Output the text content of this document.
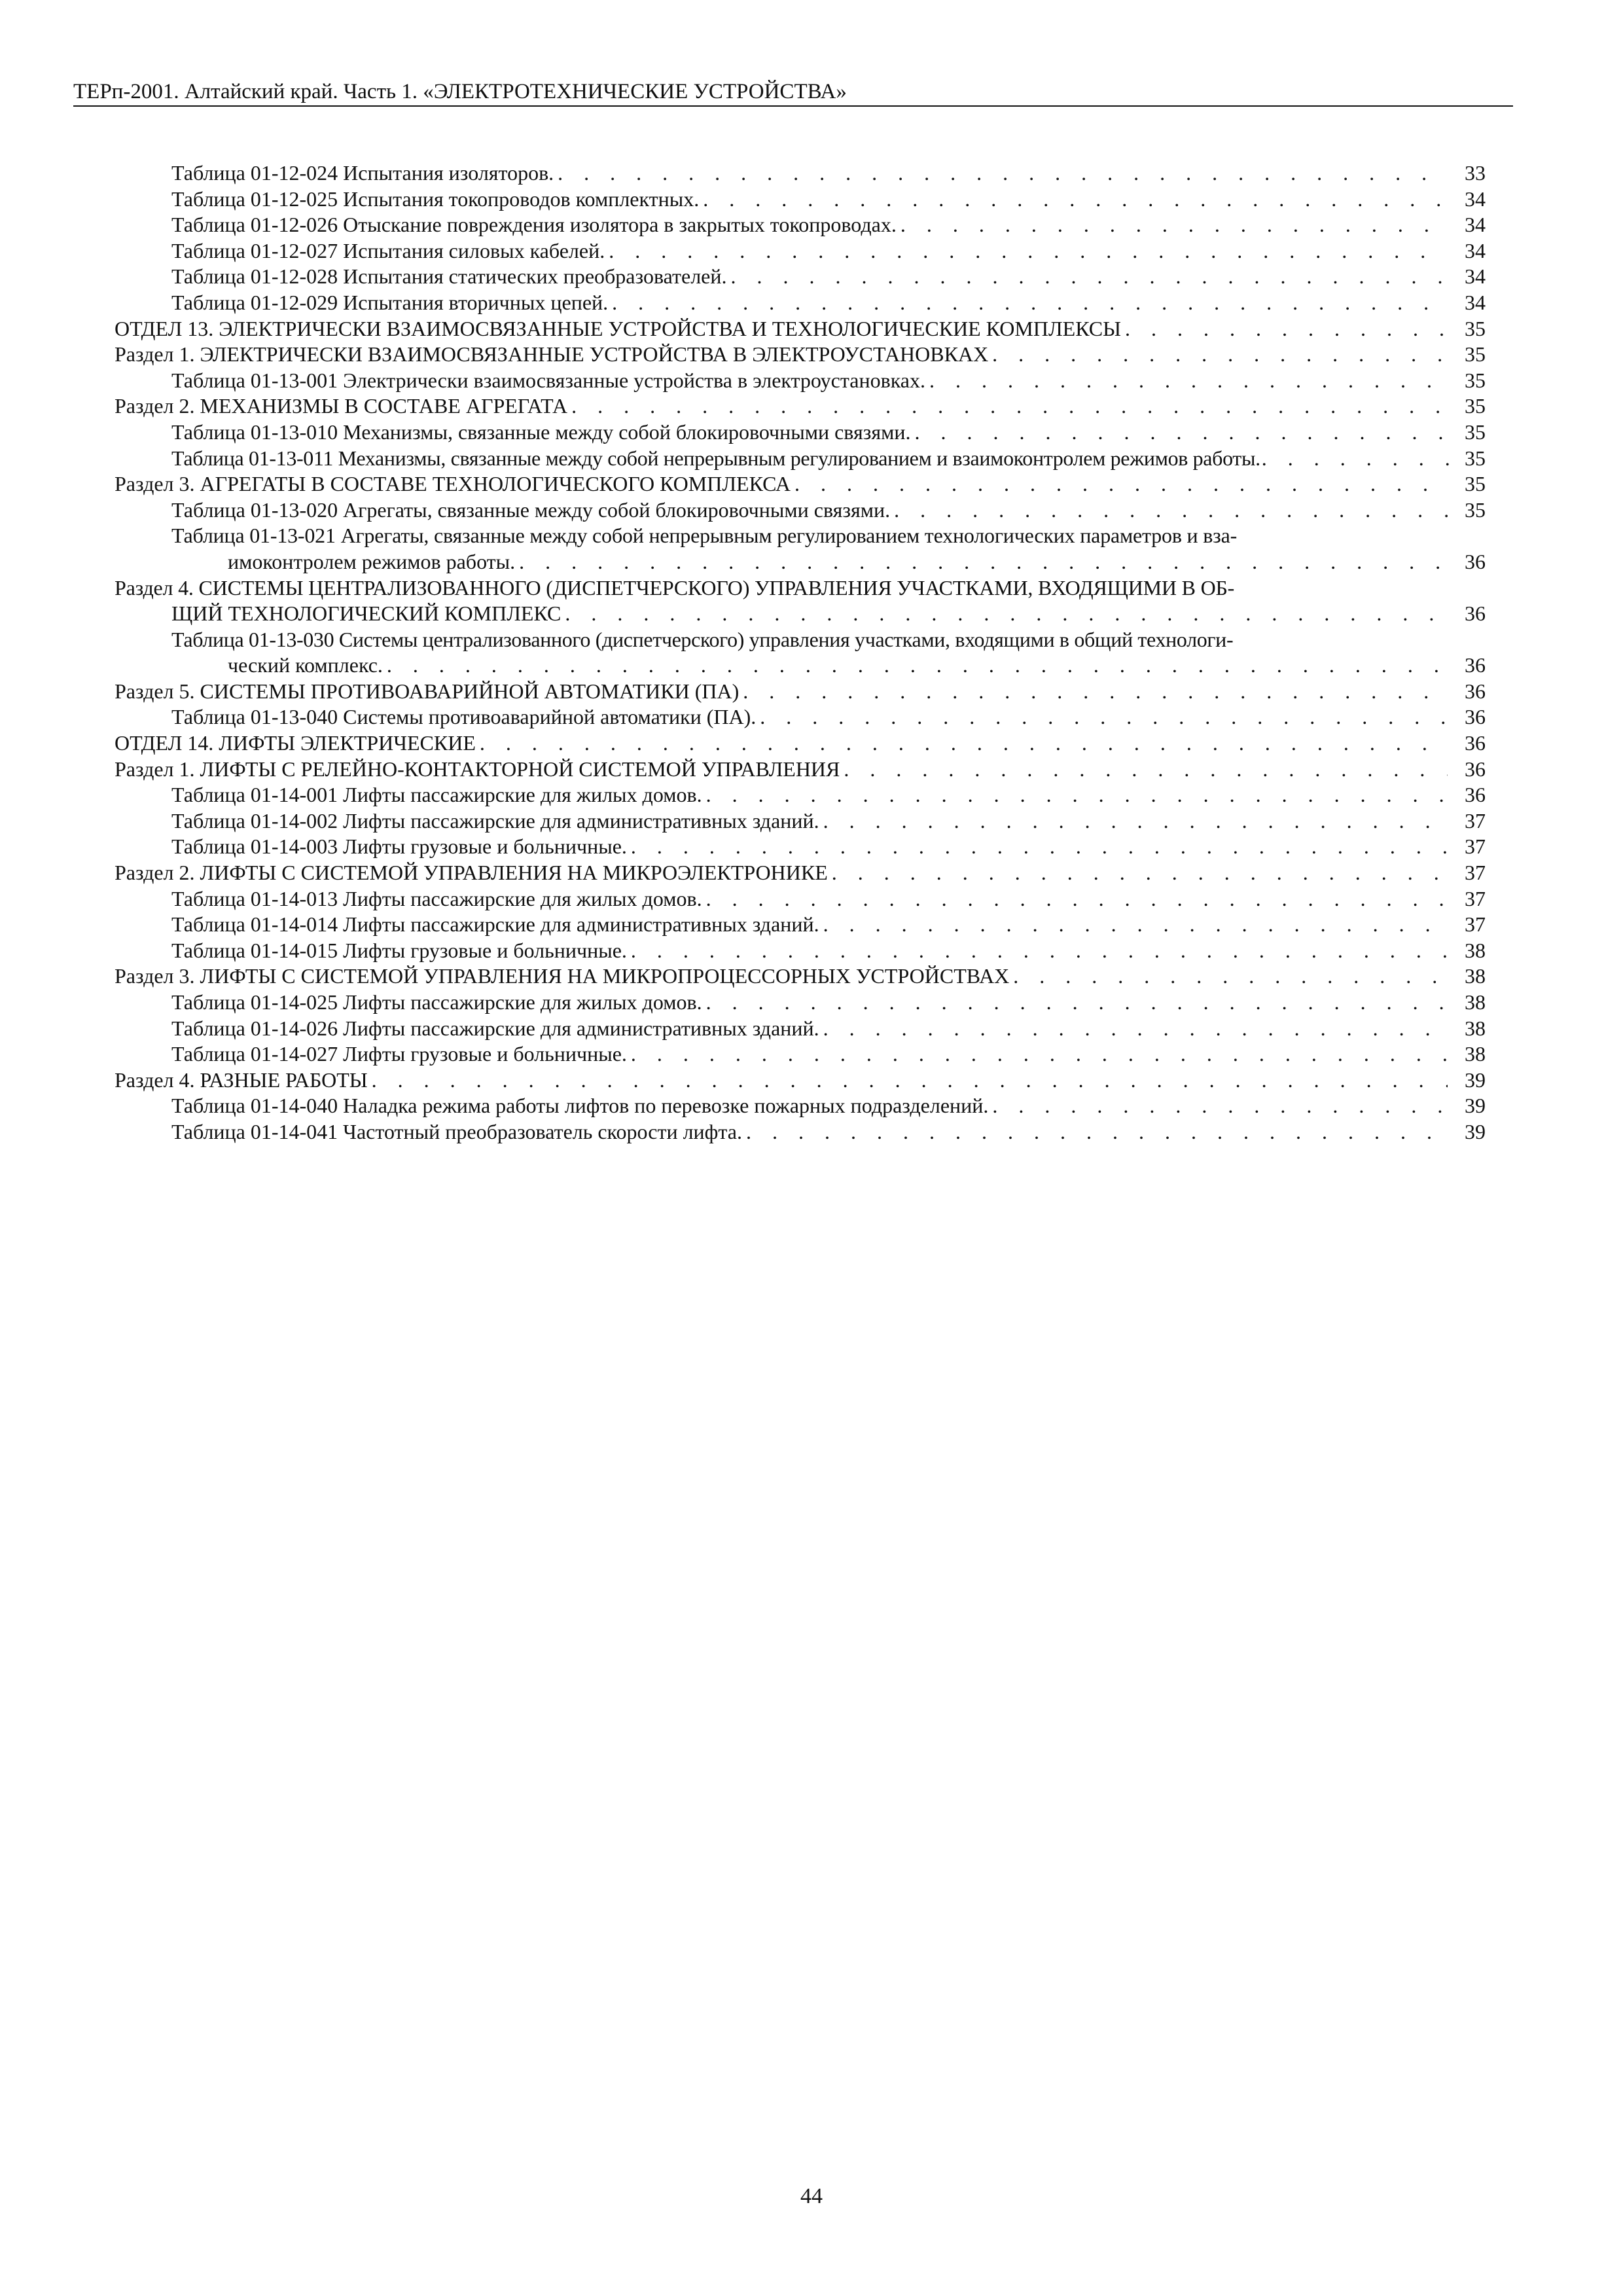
ТЕРп-2001. Алтайский край. Часть 1. «ЭЛЕКТРОТЕХНИЧЕСКИЕ УСТРОЙСТВА»
Таблица 01-12-024 Испытания изоляторов. . . .	33
Таблица 01-12-025 Испытания токопроводов комплектных. . . .	34
Таблица 01-12-026 Отыскание повреждения изолятора в закрытых токопроводах. . . .	34
Таблица 01-12-027 Испытания силовых кабелей. . . .	34
Таблица 01-12-028 Испытания статических преобразователей. . . .	34
Таблица 01-12-029 Испытания вторичных цепей. . . .	34
ОТДЕЛ 13. ЭЛЕКТРИЧЕСКИ ВЗАИМОСВЯЗАННЫЕ УСТРОЙСТВА И ТЕХНОЛОГИЧЕСКИЕ КОМПЛЕКСЫ . . .	35
Раздел 1. ЭЛЕКТРИЧЕСКИ ВЗАИМОСВЯЗАННЫЕ УСТРОЙСТВА В ЭЛЕКТРОУСТАНОВКАХ . . .	35
Таблица 01-13-001 Электрически взаимосвязанные устройства в электроустановках. . . .	35
Раздел 2. МЕХАНИЗМЫ В СОСТАВЕ АГРЕГАТА . . .	35
Таблица 01-13-010 Механизмы, связанные между собой блокировочными связями. . . .	35
Таблица 01-13-011 Механизмы, связанные между собой непрерывным регулированием и взаимоконтролем режимов работы. . . .	35
Раздел 3. АГРЕГАТЫ В СОСТАВЕ ТЕХНОЛОГИЧЕСКОГО КОМПЛЕКСА . . .	35
Таблица 01-13-020 Агрегаты, связанные между собой блокировочными связями. . . .	35
Таблица 01-13-021 Агрегаты, связанные между собой непрерывным регулированием технологических параметров и вза-
имоконтролем режимов работы. . . .	36
Раздел 4. СИСТЕМЫ ЦЕНТРАЛИЗОВАННОГО (ДИСПЕТЧЕРСКОГО) УПРАВЛЕНИЯ УЧАСТКАМИ, ВХОДЯЩИМИ В ОБ-
ЩИЙ ТЕХНОЛОГИЧЕСКИЙ КОМПЛЕКС . . .	36
Таблица 01-13-030 Системы централизованного (диспетчерского) управления участками, входящими в общий технологи-
ческий комплекс. . . .	36
Раздел 5. СИСТЕМЫ ПРОТИВОАВАРИЙНОЙ АВТОМАТИКИ (ПА) . . .	36
Таблица 01-13-040 Системы противоаварийной автоматики (ПА). . . .	36
ОТДЕЛ 14. ЛИФТЫ ЭЛЕКТРИЧЕСКИЕ . . .	36
Раздел 1. ЛИФТЫ С РЕЛЕЙНО-КОНТАКТОРНОЙ СИСТЕМОЙ УПРАВЛЕНИЯ . . .	36
Таблица 01-14-001 Лифты пассажирские для жилых домов. . . .	36
Таблица 01-14-002 Лифты пассажирские для административных зданий. . . .	37
Таблица 01-14-003 Лифты грузовые и больничные. . . .	37
Раздел 2. ЛИФТЫ С СИСТЕМОЙ УПРАВЛЕНИЯ НА МИКРОЭЛЕКТРОНИКЕ . . .	37
Таблица 01-14-013 Лифты пассажирские для жилых домов. . . .	37
Таблица 01-14-014 Лифты пассажирские для административных зданий. . . .	37
Таблица 01-14-015 Лифты грузовые и больничные. . . .	38
Раздел 3. ЛИФТЫ С СИСТЕМОЙ УПРАВЛЕНИЯ НА МИКРОПРОЦЕССОРНЫХ УСТРОЙСТВАХ . . .	38
Таблица 01-14-025 Лифты пассажирские для жилых домов. . . .	38
Таблица 01-14-026 Лифты пассажирские для административных зданий. . . .	38
Таблица 01-14-027 Лифты грузовые и больничные. . . .	38
Раздел 4. РАЗНЫЕ РАБОТЫ . . .	39
Таблица 01-14-040 Наладка режима работы лифтов по перевозке пожарных подразделений. . . .	39
Таблица 01-14-041 Частотный преобразователь скорости лифта. . . .	39
44
